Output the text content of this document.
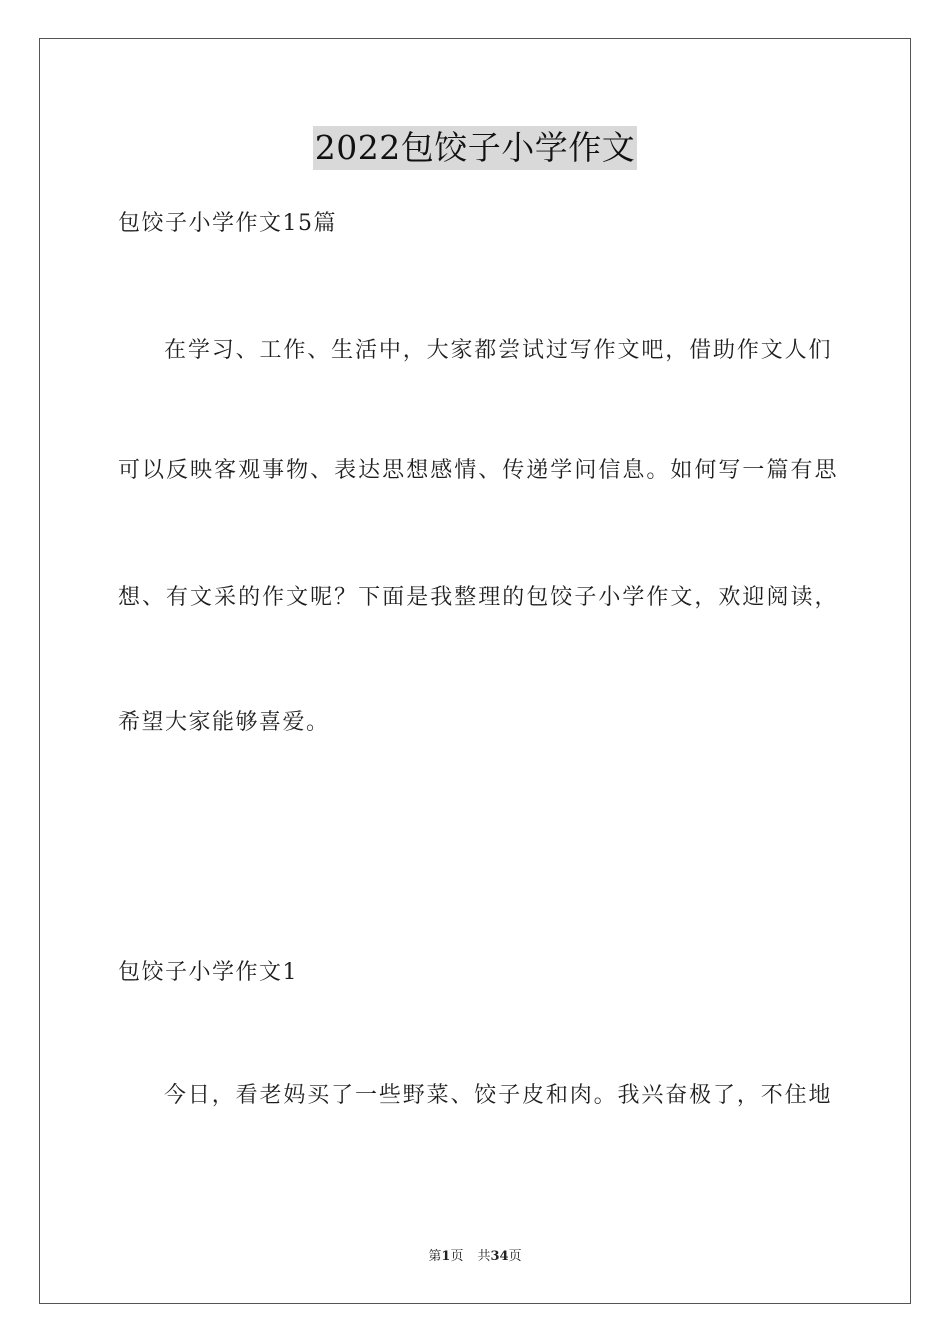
2022包饺子小学作文
包饺子小学作文15篇
在学习、工作、生活中，大家都尝试过写作文吧，借助作文人们
可以反映客观事物、表达思想感情、传递学问信息。如何写一篇有思
想、有文采的作文呢？下面是我整理的包饺子小学作文，欢迎阅读，
希望大家能够喜爱。
包饺子小学作文1
今日，看老妈买了一些野菜、饺子皮和肉。我兴奋极了，不住地
第1页 共34页
